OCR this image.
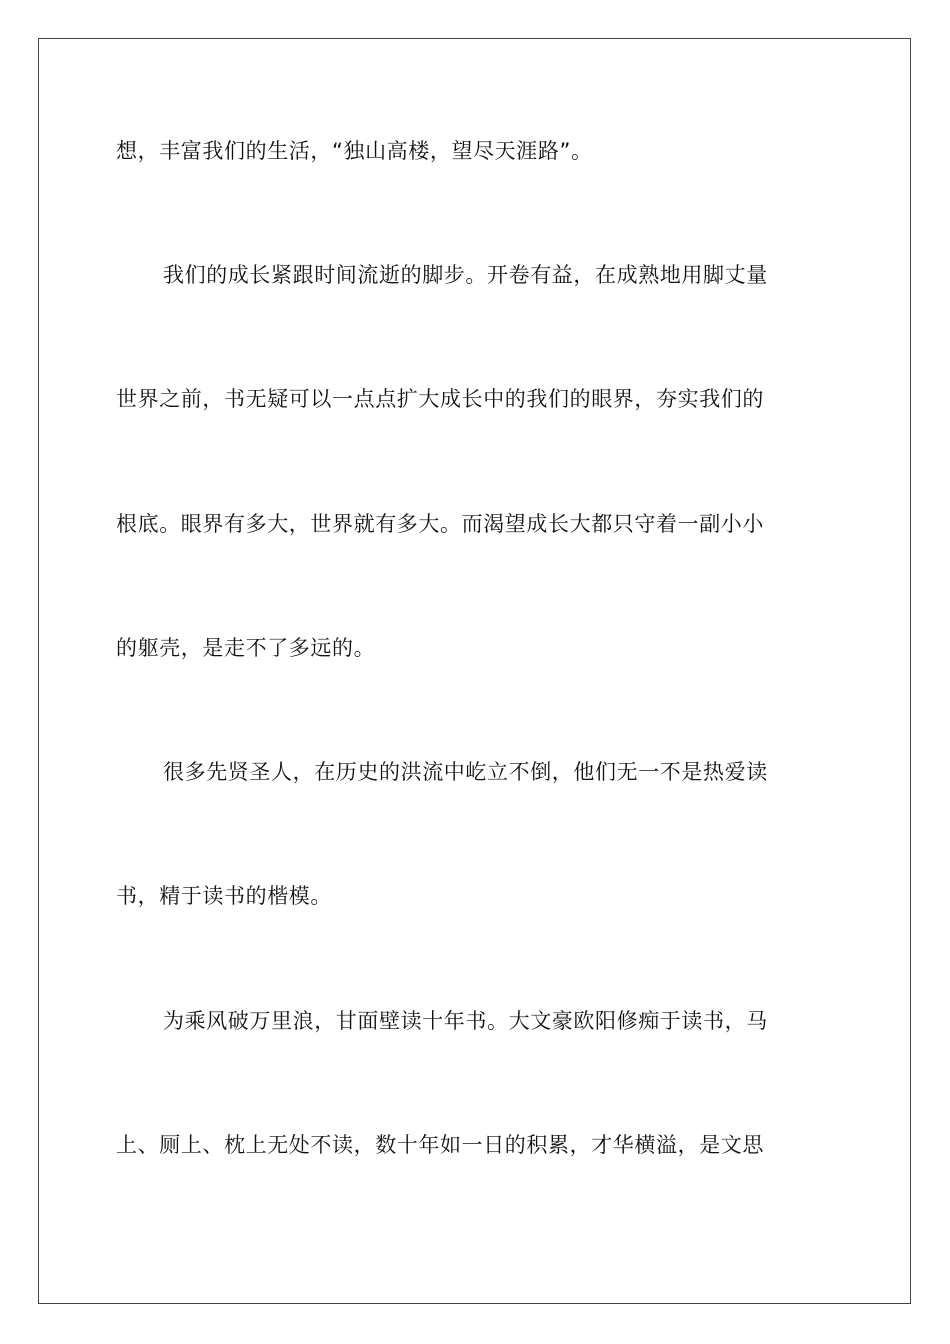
想，丰富我们的生活，“独山高楼，望尽天涯路”。
我们的成长紧跟时间流逝的脚步。开卷有益，在成熟地用脚丈量
世界之前，书无疑可以一点点扩大成长中的我们的眼界，夯实我们的
根底。眼界有多大，世界就有多大。而渴望成长大都只守着一副小小
的躯壳，是走不了多远的。
很多先贤圣人，在历史的洪流中屹立不倒，他们无一不是热爱读
书，精于读书的楷模。
为乘风破万里浪，甘面壁读十年书。大文豪欧阳修痴于读书，马
上、厕上、枕上无处不读，数十年如一日的积累，才华横溢，是文思
